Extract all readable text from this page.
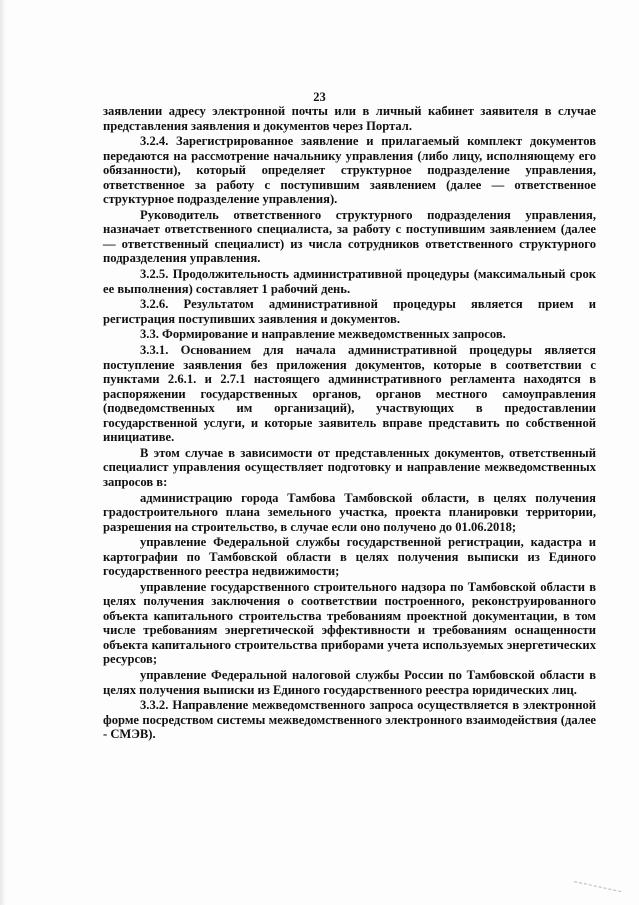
23

заявлении адресу электронной почты или в личный кабинет заявителя в случае представления заявления и документов через Портал.

3.2.4. Зарегистрированное заявление и прилагаемый комплект документов передаются на рассмотрение начальнику управления (либо лицу, исполняющему его обязанности), который определяет структурное подразделение управления, ответственное за работу с поступившим заявлением (далее — ответственное структурное подразделение управления).

Руководитель ответственного структурного подразделения управления, назначает ответственного специалиста, за работу с поступившим заявлением (далее — ответственный специалист) из числа сотрудников ответственного структурного подразделения управления.

3.2.5. Продолжительность административной процедуры (максимальный срок ее выполнения) составляет 1 рабочий день.

3.2.6. Результатом административной процедуры является прием и регистрация поступивших заявления и документов.

3.3. Формирование и направление межведомственных запросов.

3.3.1. Основанием для начала административной процедуры является поступление заявления без приложения документов, которые в соответствии с пунктами 2.6.1. и 2.7.1 настоящего административного регламента находятся в распоряжении государственных органов, органов местного самоуправления (подведомственных им организаций), участвующих в предоставлении государственной услуги, и которые заявитель вправе представить по собственной инициативе.

В этом случае в зависимости от представленных документов, ответственный специалист управления осуществляет подготовку и направление межведомственных запросов в:

администрацию города Тамбова Тамбовской области, в целях получения градостроительного плана земельного участка, проекта планировки территории, разрешения на строительство, в случае если оно получено до 01.06.2018;

управление Федеральной службы государственной регистрации, кадастра и картографии по Тамбовской области в целях получения выписки из Единого государственного реестра недвижимости;

управление государственного строительного надзора по Тамбовской области в целях получения заключения о соответствии построенного, реконструированного объекта капитального строительства требованиям проектной документации, в том числе требованиям энергетической эффективности и требованиям оснащенности объекта капитального строительства приборами учета используемых энергетических ресурсов;

управление Федеральной налоговой службы России по Тамбовской области в целях получения выписки из Единого государственного реестра юридических лиц.

3.3.2. Направление межведомственного запроса осуществляется в электронной форме посредством системы межведомственного электронного взаимодействия (далее - СМЭВ).
